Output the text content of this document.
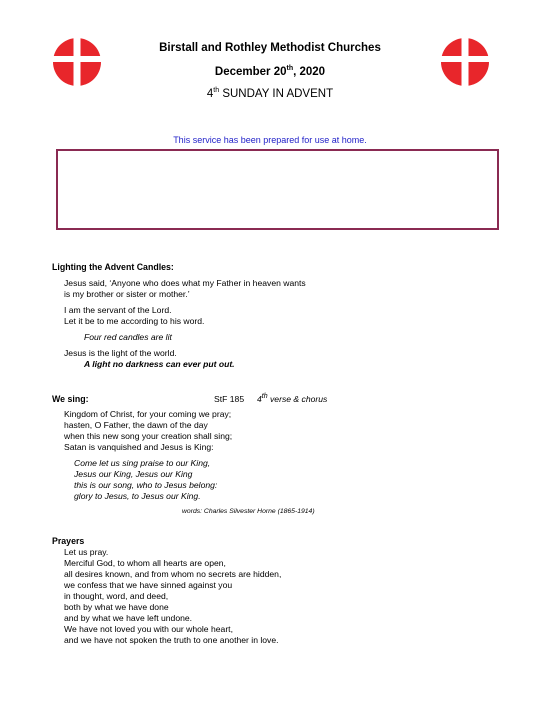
Birstall and Rothley Methodist Churches
December 20th, 2020
4th SUNDAY IN ADVENT
This service has been prepared for use at home.
Lighting the Advent Candles:
Jesus said, ‘Anyone who does what my Father in heaven wants
is my brother or sister or mother.’
I am the servant of the Lord.
Let it be to me according to his word.
Four red candles are lit
Jesus is the light of the world.
A light no darkness can ever put out.
We sing:	StF 185 4th verse & chorus
Kingdom of Christ, for your coming we pray;
hasten, O Father, the dawn of the day
when this new song your creation shall sing;
Satan is vanquished and Jesus is King:
Come let us sing praise to our King,
Jesus our King, Jesus our King
this is our song, who to Jesus belong:
glory to Jesus, to Jesus our King.
words: Charles Silvester Horne (1865-1914)
Prayers
Let us pray.
Merciful God, to whom all hearts are open,
all desires known, and from whom no secrets are hidden,
we confess that we have sinned against you
in thought, word, and deed,
both by what we have done
and by what we have left undone.
We have not loved you with our whole heart,
and we have not spoken the truth to one another in love.
